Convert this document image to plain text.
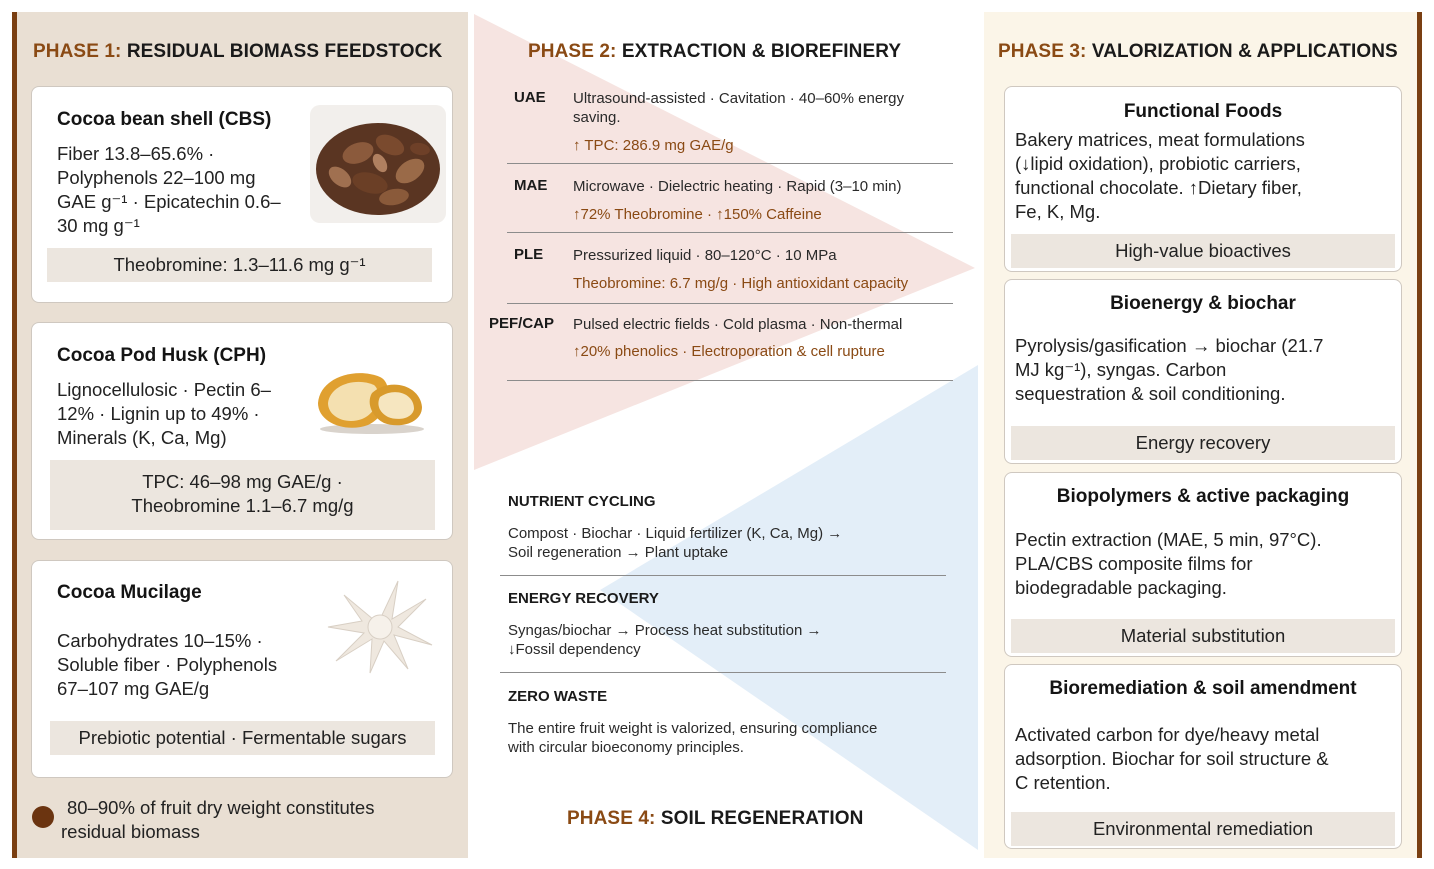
PHASE 1: RESIDUAL BIOMASS FEEDSTOCK
Cocoa bean shell (CBS)
Fiber 13.8–65.6% ·
Polyphenols 22–100 mg
GAE g⁻¹ · Epicatechin 0.6–
30 mg g⁻¹
Theobromine: 1.3–11.6 mg g⁻¹
Cocoa Pod Husk (CPH)
Lignocellulosic · Pectin 6–
12% · Lignin up to 49% ·
Minerals (K, Ca, Mg)
TPC: 46–98 mg GAE/g ·
Theobromine 1.1–6.7 mg/g
Cocoa Mucilage
Carbohydrates 10–15% ·
Soluble fiber · Polyphenols
67–107 mg GAE/g
Prebiotic potential · Fermentable sugars
80–90% of fruit dry weight constitutes
residual biomass
PHASE 2: EXTRACTION & BIOREFINERY
UAE Ultrasound-assisted · Cavitation · 40–60% energy
saving.
↑ TPC: 286.9 mg GAE/g
MAE Microwave · Dielectric heating · Rapid (3–10 min)
↑72% Theobromine · ↑150% Caffeine
PLE Pressurized liquid · 80–120°C · 10 MPa
Theobromine: 6.7 mg/g · High antioxidant capacity
PEF/CAP Pulsed electric fields · Cold plasma · Non-thermal
↑20% phenolics · Electroporation & cell rupture
NUTRIENT CYCLING
Compost · Biochar · Liquid fertilizer (K, Ca, Mg) →
Soil regeneration → Plant uptake
ENERGY RECOVERY
Syngas/biochar → Process heat substitution →
↓Fossil dependency
ZERO WASTE
The entire fruit weight is valorized, ensuring compliance
with circular bioeconomy principles.
PHASE 4: SOIL REGENERATION
PHASE 3: VALORIZATION & APPLICATIONS
Functional Foods
Bakery matrices, meat formulations
(↓lipid oxidation), probiotic carriers,
functional chocolate. ↑Dietary fiber,
Fe, K, Mg.
High-value bioactives
Bioenergy & biochar
Pyrolysis/gasification → biochar (21.7
MJ kg⁻¹), syngas. Carbon
sequestration & soil conditioning.
Energy recovery
Biopolymers & active packaging
Pectin extraction (MAE, 5 min, 97°C).
PLA/CBS composite films for
biodegradable packaging.
Material substitution
Bioremediation & soil amendment
Activated carbon for dye/heavy metal
adsorption. Biochar for soil structure &
C retention.
Environmental remediation
